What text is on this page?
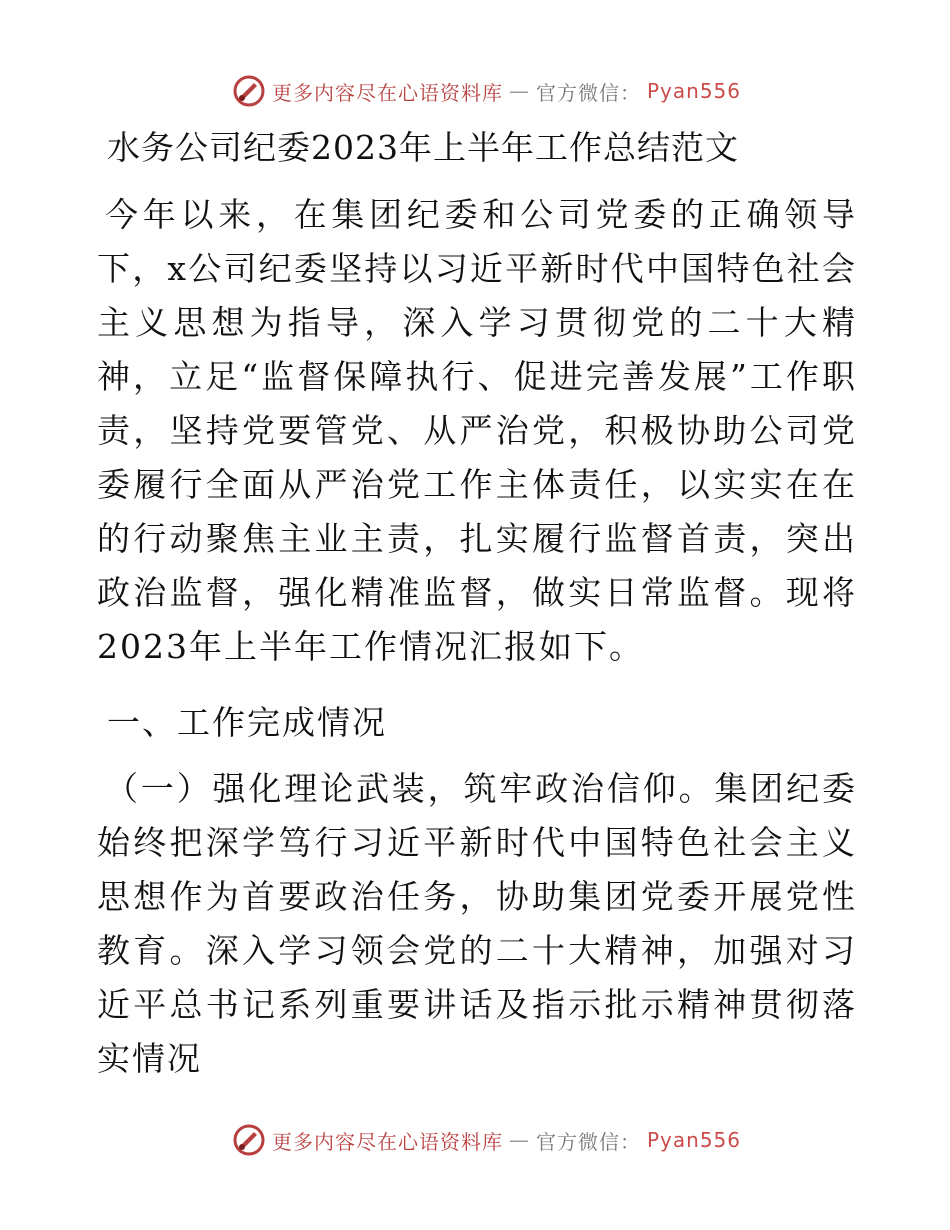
更多内容尽在心语资料库 — 官方微信： Pyan556
水务公司纪委2023年上半年工作总结范文

今年以来，在集团纪委和公司党委的正确领导下，x公司纪委坚持以习近平新时代中国特色社会主义思想为指导，深入学习贯彻党的二十大精神，立足“监督保障执行、促进完善发展”工作职责，坚持党要管党、从严治党，积极协助公司党委履行全面从严治党工作主体责任，以实实在在的行动聚焦主业主责，扎实履行监督首责，突出政治监督，强化精准监督，做实日常监督。现将2023年上半年工作情况汇报如下。

一、工作完成情况

（一）强化理论武装，筑牢政治信仰。集团纪委始终把深学笃行习近平新时代中国特色社会主义思想作为首要政治任务，协助集团党委开展党性教育。深入学习领会党的二十大精神，加强对习近平总书记系列重要讲话及指示批示精神贯彻落实情况

更多内容尽在心语资料库 — 官方微信： Pyan556
